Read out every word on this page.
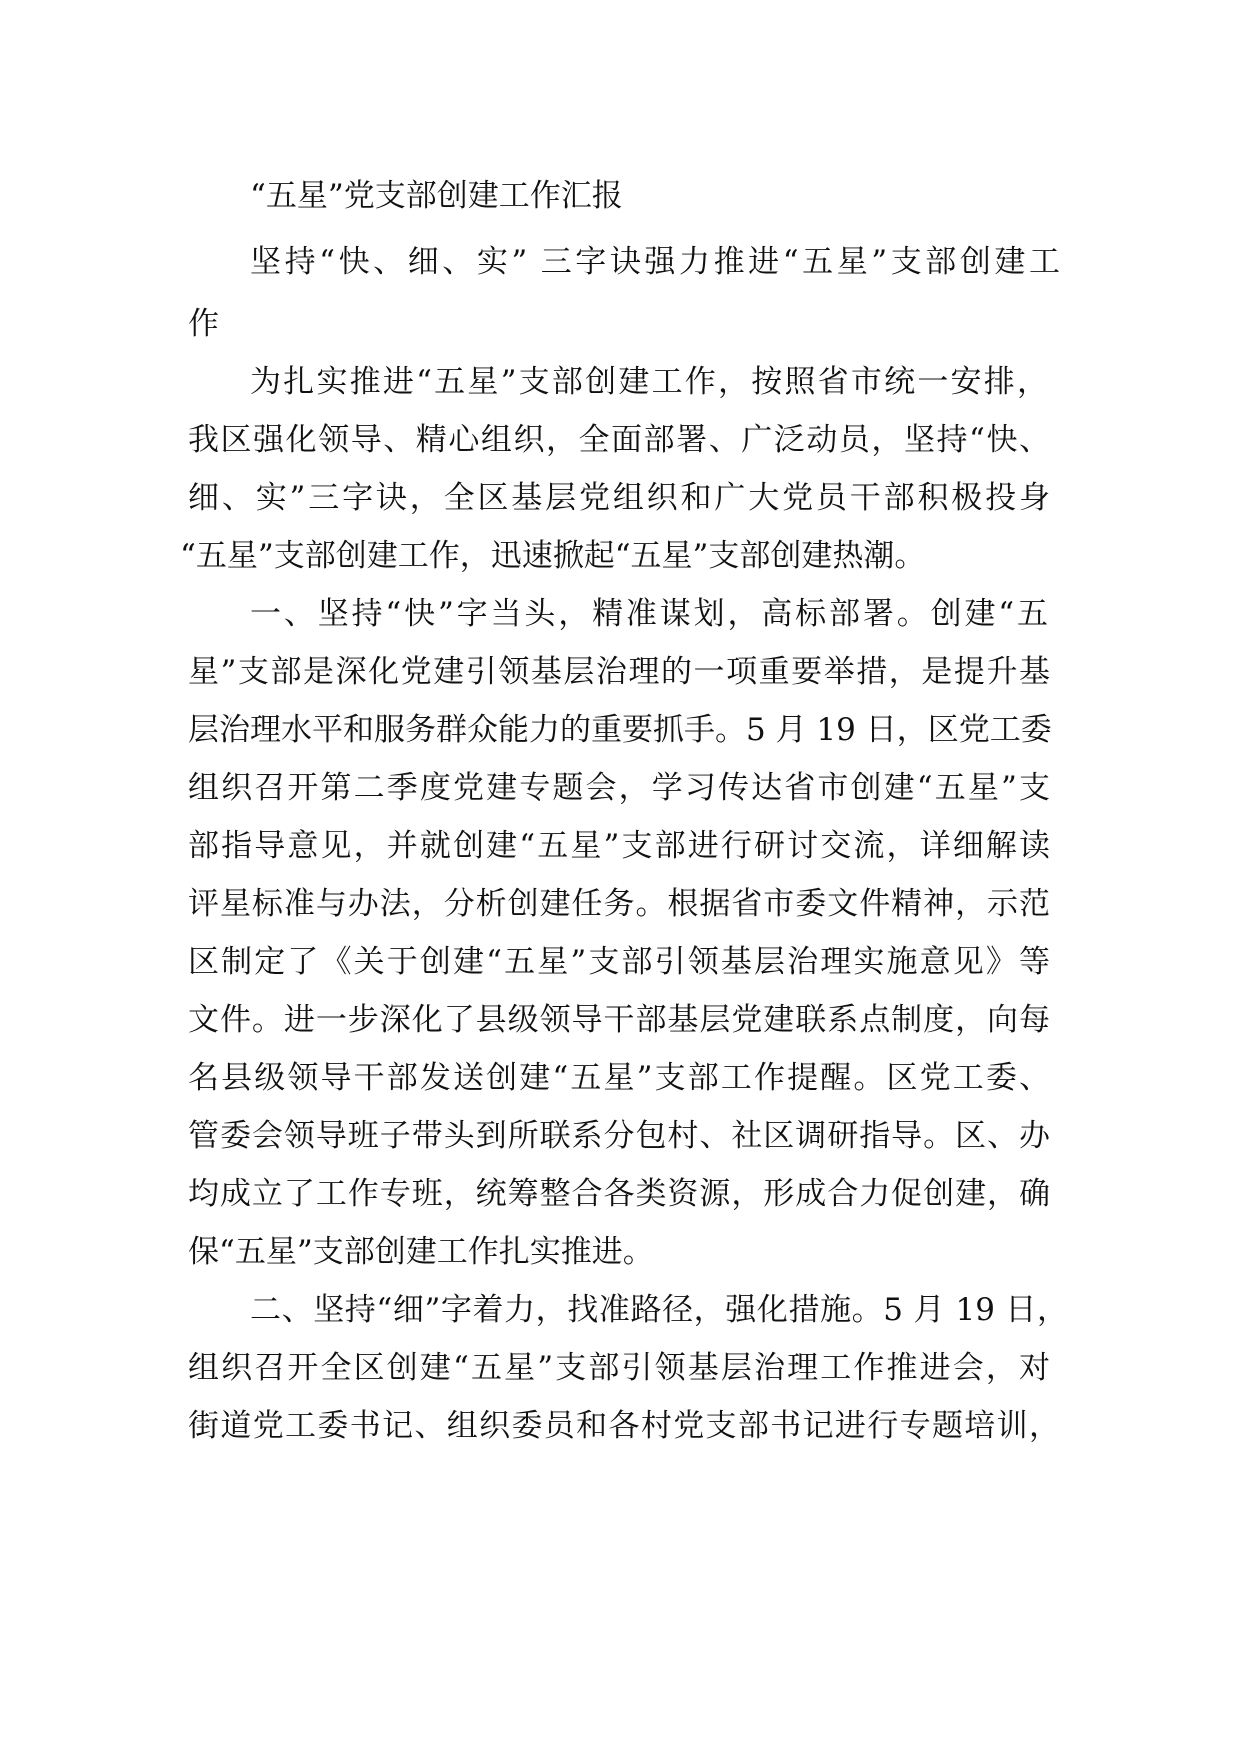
“五星”党支部创建工作汇报
坚持“快、细、实” 三字诀强力推进“五星”支部创建工
作
为扎实推进“五星”支部创建工作，按照省市统一安排，
我区强化领导、精心组织，全面部署、广泛动员，坚持“快、
细、实”三字诀，全区基层党组织和广大党员干部积极投身
“五星”支部创建工作，迅速掀起“五星”支部创建热潮。
一、坚持“快”字当头，精准谋划，高标部署。创建“五
星”支部是深化党建引领基层治理的一项重要举措，是提升基
层治理水平和服务群众能力的重要抓手。5 月 19 日，区党工委
组织召开第二季度党建专题会，学习传达省市创建“五星”支
部指导意见，并就创建“五星”支部进行研讨交流，详细解读
评星标准与办法，分析创建任务。根据省市委文件精神，示范
区制定了《关于创建“五星”支部引领基层治理实施意见》等
文件。进一步深化了县级领导干部基层党建联系点制度，向每
名县级领导干部发送创建“五星”支部工作提醒。区党工委、
管委会领导班子带头到所联系分包村、社区调研指导。区、办
均成立了工作专班，统筹整合各类资源，形成合力促创建，确
保“五星”支部创建工作扎实推进。
二、坚持“细”字着力，找准路径，强化措施。5 月 19 日，
组织召开全区创建“五星”支部引领基层治理工作推进会，对
街道党工委书记、组织委员和各村党支部书记进行专题培训，
